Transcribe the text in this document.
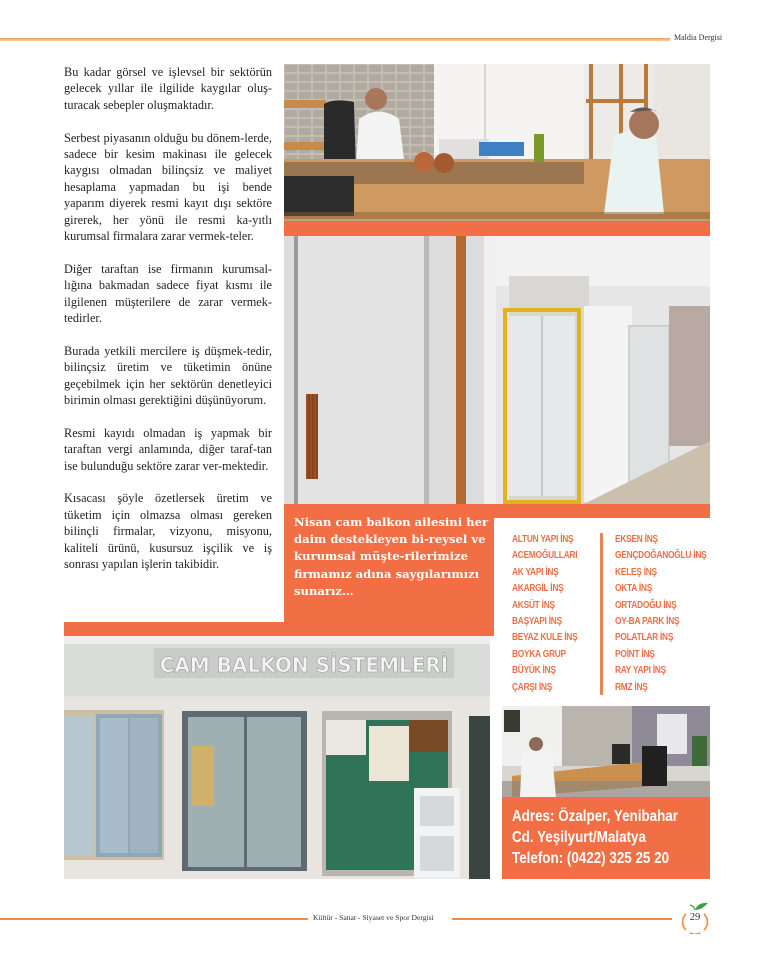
Maldia Dergisi

Bu kadar görsel ve işlevsel bir sektörün gelecek yıllar ile ilgilide kaygılar oluş-turacak sebepler oluşmaktadır.

Serbest piyasanın olduğu bu dönem-lerde, sadece bir kesim makinası ile gelecek kaygısı olmadan bilinçsiz ve maliyet hesaplama yapmadan bu işi bende yaparım diyerek resmi kayıt dışı sektöre girerek, her yönü ile resmi ka-yıtlı kurumsal firmalara zarar vermek-teler.

Diğer taraftan ise firmanın kurumsal-lığına bakmadan sadece fiyat kısmı ile ilgilenen müşterilere de zarar vermek-tedirler.

Burada yetkili mercilere iş düşmek-tedir, bilinçsiz üretim ve tüketimin önüne geçebilmek için her sektörün denetleyici birimin olması gerektiğini düşünüyorum.

Resmi kayıdı olmadan iş yapmak bir taraftan vergi anlamında, diğer taraf-tan ise bulunduğu sektöre zarar ver-mektedir.

Kısacası şöyle özetlersek üretim ve tüketim için olmazsa olması gereken bilinçli firmalar, vizyonu, misyonu, kaliteli ürünü, kusursuz işçilik ve iş sonrası yapılan işlerin takibidir.

Nisan cam balkon ailesini her daim destekleyen bi-reysel ve kurumsal müşte-rilerimize firmamız adına saygılarımızı sunarız…
ALTUN YAPI İNŞ
ACEMOĞULLARI
AK YAPI İNŞ
AKARGİL İNŞ
AKSÜT İNŞ
BAŞYAPI İNŞ
BEYAZ KULE İNŞ
BOYKA GRUP
BÜYÜK İNŞ
ÇARŞI İNŞ
EKSEN İNŞ
GENÇDOĞANOĞLU İNŞ
KELEŞ İNŞ
OKTA İNŞ
ORTADOĞU İNŞ
OY-BA PARK İNŞ
POLATLAR İNŞ
POİNT İNŞ
RAY YAPI İNŞ
RMZ İNŞ
CAM BALKON SİSTEMLERİ
Adres: Özalper, Yenibahar
Cd. Yeşilyurt/Malatya
Telefon: (0422) 325 25 20
Kültür - Sanat - Siyaset ve Spor Dergisi	29
